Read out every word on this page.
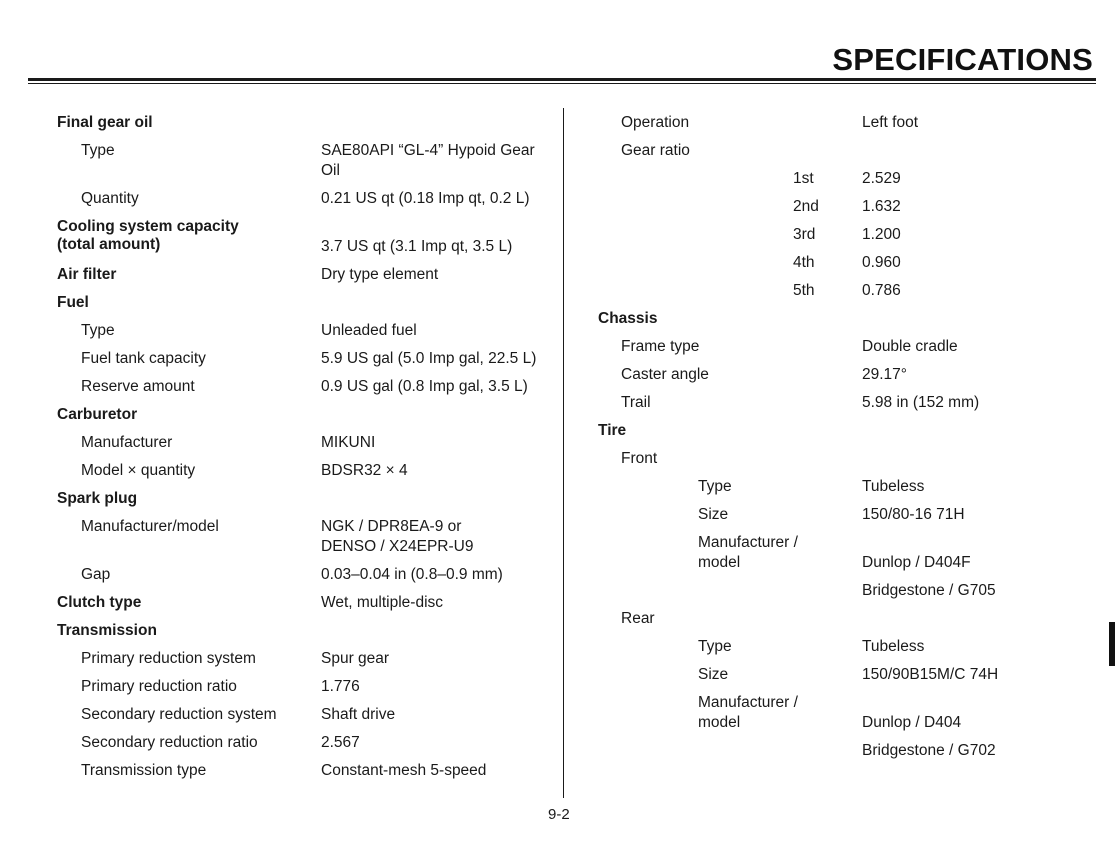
SPECIFICATIONS
Final gear oil
Type	SAE80API “GL-4” Hypoid Gear
Oil
Quantity	0.21 US qt (0.18 Imp qt, 0.2 L)
Cooling system capacity
(total amount)	3.7 US qt (3.1 Imp qt, 3.5 L)
Air filter	Dry type element
Fuel
Type	Unleaded fuel
Fuel tank capacity	5.9 US gal (5.0 Imp gal, 22.5 L)
Reserve amount	0.9 US gal (0.8 Imp gal, 3.5 L)
Carburetor
Manufacturer	MIKUNI
Model × quantity	BDSR32 × 4
Spark plug
Manufacturer/model	NGK / DPR8EA-9 or
DENSO / X24EPR-U9
Gap	0.03–0.04 in (0.8–0.9 mm)
Clutch type	Wet, multiple-disc
Transmission
Primary reduction system	Spur gear
Primary reduction ratio	1.776
Secondary reduction system	Shaft drive
Secondary reduction ratio	2.567
Transmission type	Constant-mesh 5-speed
Operation	Left foot
Gear ratio
1st	2.529
2nd	1.632
3rd	1.200
4th	0.960
5th	0.786
Chassis
Frame type	Double cradle
Caster angle	29.17°
Trail	5.98 in (152 mm)
Tire
Front
Type	Tubeless
Size	150/80-16 71H
Manufacturer /
model	Dunlop / D404F
Bridgestone / G705
Rear
Type	Tubeless
Size	150/90B15M/C 74H
Manufacturer /
model	Dunlop / D404
Bridgestone / G702
9-2
